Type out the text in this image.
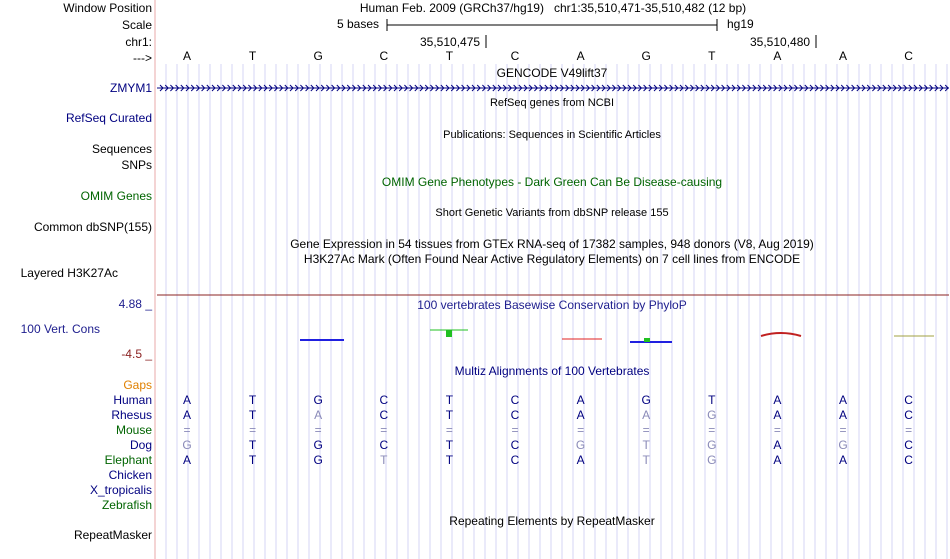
Window Position	Human Feb. 2009 (GRCh37/hg19)   chr1:35,510,471-35,510,482 (12 bp)
Scale	5 bases	hg19
chr1:	35,510,475	35,510,480
--->	A	T	G	C	T	C	A	G	T	A	A	C
GENCODE V49lift37
ZMYM1
RefSeq genes from NCBI
RefSeq Curated
Publications: Sequences in Scientific Articles
Sequences
SNPs
OMIM Gene Phenotypes - Dark Green Can Be Disease-causing
OMIM Genes
Short Genetic Variants from dbSNP release 155
Common dbSNP(155)
Gene Expression in 54 tissues from GTEx RNA-seq of 17382 samples, 948 donors (V8, Aug 2019)
H3K27Ac Mark (Often Found Near Active Regulatory Elements) on 7 cell lines from ENCODE
Layered H3K27Ac
100 vertebrates Basewise Conservation by PhyloP
4.88 _
100 Vert. Cons
-4.5 _
Multiz Alignments of 100 Vertebrates
Gaps
Human	A	T	G	C	T	C	A	G	T	A	A	C
Rhesus	A	T	A	C	T	C	A	A	G	A	A	C
Mouse	=	=	=	=	=	=	=	=	=	=	=	=
Dog	G	T	G	C	T	C	G	T	G	A	G	C
Elephant	A	T	G	T	T	C	A	T	G	A	A	C
Chicken
X_tropicalis
Zebrafish
Repeating Elements by RepeatMasker
RepeatMasker
